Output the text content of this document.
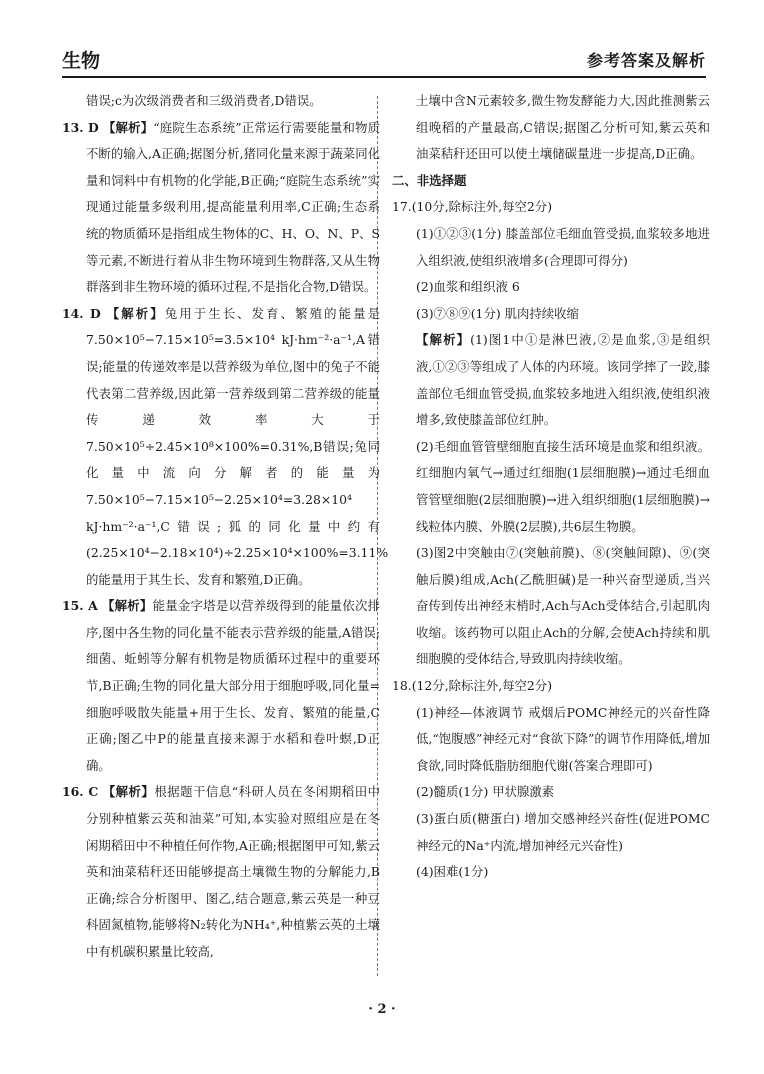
生物	参考答案及解析

错误;c为次级消费者和三级消费者,D错误。

13. D 【解析】“庭院生态系统”正常运行需要能量和物质不断的输入,A正确;据图分析,猪同化量来源于蔬菜同化量和饲料中有机物的化学能,B正确;“庭院生态系统”实现通过能量多级利用,提高能量利用率,C正确;生态系统的物质循环是指组成生物体的C、H、O、N、P、S等元素,不断进行着从非生物环境到生物群落,又从生物群落到非生物环境的循环过程,不是指化合物,D错误。

14. D 【解析】兔用于生长、发育、繁殖的能量是7.50×10⁵−7.15×10⁵=3.5×10⁴ kJ·hm⁻²·a⁻¹,A错误;能量的传递效率是以营养级为单位,图中的兔子不能代表第二营养级,因此第一营养级到第二营养级的能量传递效率大于7.50×10⁵÷2.45×10⁸×100%=0.31%,B错误;兔同化量中流向分解者的能量为7.50×10⁵−7.15×10⁵−2.25×10⁴=3.28×10⁴ kJ·hm⁻²·a⁻¹,C错误;狐的同化量中约有(2.25×10⁴−2.18×10⁴)÷2.25×10⁴×100%=3.11%的能量用于其生长、发育和繁殖,D正确。

15. A 【解析】能量金字塔是以营养级得到的能量依次排序,图中各生物的同化量不能表示营养级的能量,A错误;细菌、蚯蚓等分解有机物是物质循环过程中的重要环节,B正确;生物的同化量大部分用于细胞呼吸,同化量=细胞呼吸散失能量+用于生长、发育、繁殖的能量,C正确;图乙中P的能量直接来源于水稻和卷叶螟,D正确。

16. C 【解析】根据题干信息“科研人员在冬闲期稻田中分别种植紫云英和油菜”可知,本实验对照组应是在冬闲期稻田中不种植任何作物,A正确;根据图甲可知,紫云英和油菜秸秆还田能够提高土壤微生物的分解能力,B正确;综合分析图甲、图乙,结合题意,紫云英是一种豆科固氮植物,能够将N₂转化为NH₄⁺,种植紫云英的土壤中有机碳积累量比较高,

土壤中含N元素较多,微生物发酵能力大,因此推测紫云组晚稻的产量最高,C错误;据图乙分析可知,紫云英和油菜秸秆还田可以使土壤储碳量进一步提高,D正确。

二、非选择题

17.(10分,除标注外,每空2分)

(1)①②③(1分) 膝盖部位毛细血管受损,血浆较多地进入组织液,使组织液增多(合理即可得分)

(2)血浆和组织液 6

(3)⑦⑧⑨(1分) 肌肉持续收缩

【解析】(1)图1中①是淋巴液,②是血浆,③是组织液,①②③等组成了人体的内环境。该同学摔了一跤,膝盖部位毛细血管受损,血浆较多地进入组织液,使组织液增多,致使膝盖部位红肿。

(2)毛细血管管壁细胞直接生活环境是血浆和组织液。红细胞内氧气→通过红细胞(1层细胞膜)→通过毛细血管管壁细胞(2层细胞膜)→进入组织细胞(1层细胞膜)→线粒体内膜、外膜(2层膜),共6层生物膜。

(3)图2中突触由⑦(突触前膜)、⑧(突触间隙)、⑨(突触后膜)组成,Ach(乙酰胆碱)是一种兴奋型递质,当兴奋传到传出神经末梢时,Ach与Ach受体结合,引起肌肉收缩。该药物可以阻止Ach的分解,会使Ach持续和肌细胞膜的受体结合,导致肌肉持续收缩。

18.(12分,除标注外,每空2分)

(1)神经—体液调节 戒烟后POMC神经元的兴奋性降低,“饱腹感”神经元对“食欲下降”的调节作用降低,增加食欲,同时降低脂肪细胞代谢(答案合理即可)

(2)髓质(1分) 甲状腺激素

(3)蛋白质(糖蛋白) 增加交感神经兴奋性(促进POMC神经元的Na⁺内流,增加神经元兴奋性)

(4)困难(1分)

· 2 ·
